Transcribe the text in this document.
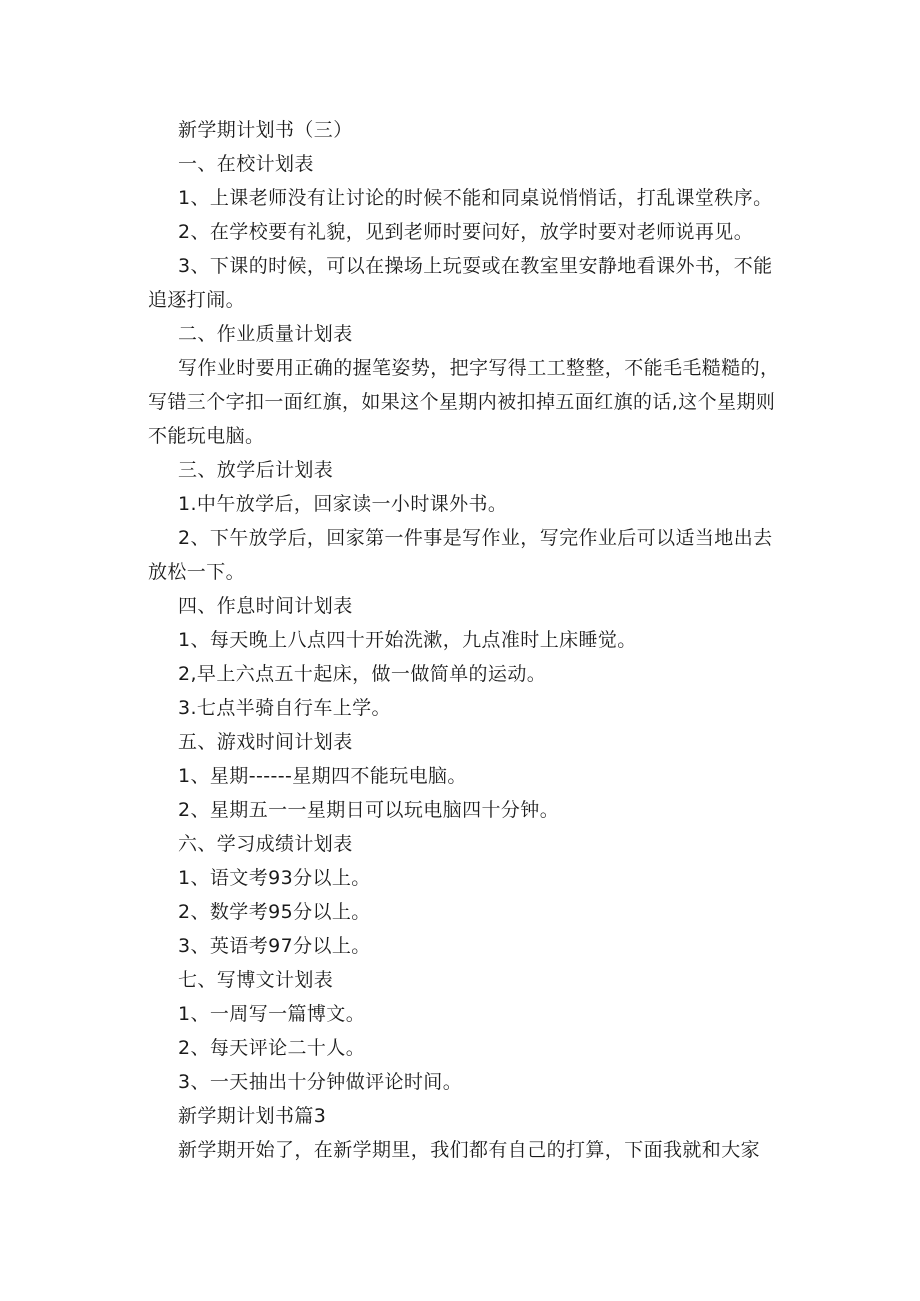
新学期计划书（三）

一、在校计划表

1、上课老师没有让讨论的时候不能和同桌说悄悄话，打乱课堂秩序。

2、在学校要有礼貌，见到老师时要问好，放学时要对老师说再见。

3、下课的时候，可以在操场上玩耍或在教室里安静地看课外书，不能
追逐打闹。

二、作业质量计划表

写作业时要用正确的握笔姿势，把字写得工工整整，不能毛毛糙糙的，
写错三个字扣一面红旗，如果这个星期内被扣掉五面红旗的话,这个星期则
不能玩电脑。

三、放学后计划表

1.中午放学后，回家读一小时课外书。

2、下午放学后，回家第一件事是写作业，写完作业后可以适当地出去
放松一下。

四、作息时间计划表

1、每天晚上八点四十开始洗漱，九点准时上床睡觉。

2,早上六点五十起床，做一做简单的运动。

3.七点半骑自行车上学。

五、游戏时间计划表

1、星期------星期四不能玩电脑。

2、星期五一一星期日可以玩电脑四十分钟。

六、学习成绩计划表

1、语文考93分以上。

2、数学考95分以上。

3、英语考97分以上。

七、写博文计划表

1、一周写一篇博文。

2、每天评论二十人。

3、一天抽出十分钟做评论时间。

新学期计划书篇3

新学期开始了，在新学期里，我们都有自己的打算，下面我就和大家
